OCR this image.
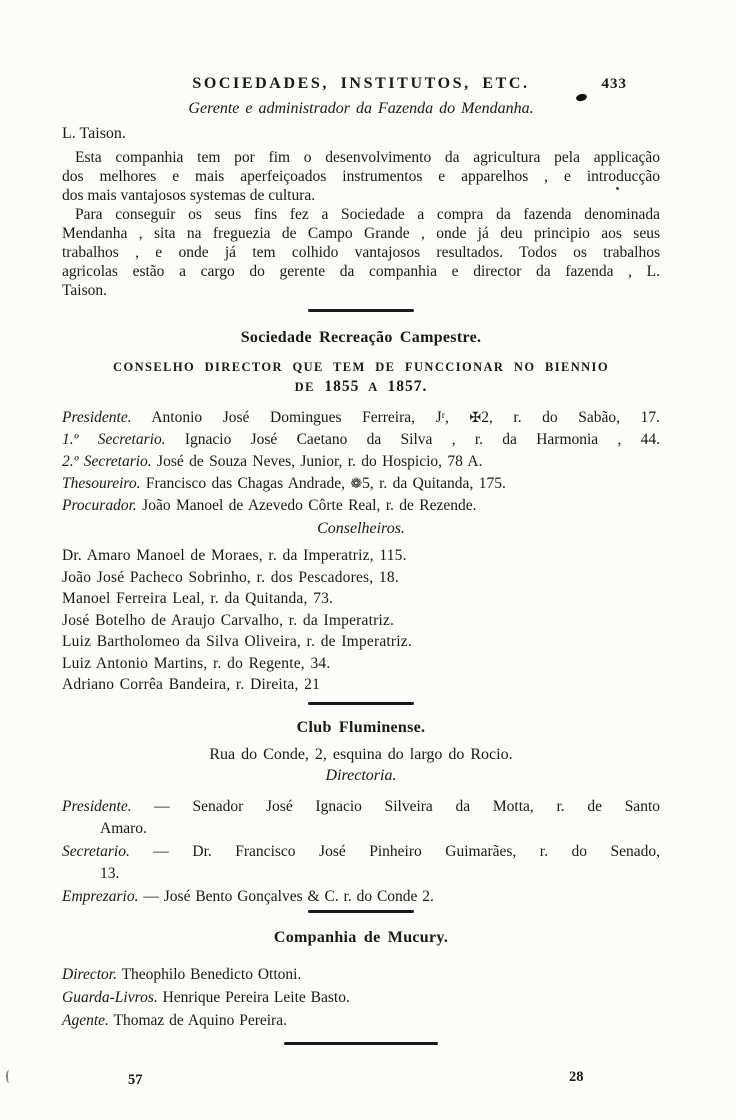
SOCIEDADES, INSTITUTOS, ETC.	433
Gerente e administrador da Fazenda do Mendanha.
L. Taison.
Esta companhia tem por fim o desenvolvimento da agricultura pela applicação
dos melhores e mais aperfeiçoados instrumentos e apparelhos , e introducção
dos mais vantajosos systemas de cultura.
Para conseguir os seus fins fez a Sociedade a compra da fazenda denominada
Mendanha , sita na freguezia de Campo Grande , onde já deu principio aos seus
trabalhos , e onde já tem colhido vantajosos resultados. Todos os trabalhos
agricolas estão a cargo do gerente da companhia e director da fazenda , L.
Taison.
Sociedade Recreação Campestre.
CONSELHO DIRECTOR QUE TEM DE FUNCCIONAR NO BIENNIO
DE 1855 A 1857.
Presidente. Antonio José Domingues Ferreira, Jʳ, ✠2, r. do Sabão, 17.
1.º Secretario. Ignacio José Caetano da Silva , r. da Harmonia , 44.
2.º Secretario. José de Souza Neves, Junior, r. do Hospicio, 78 A.
Thesoureiro. Francisco das Chagas Andrade, ❁5, r. da Quitanda, 175.
Procurador. João Manoel de Azevedo Côrte Real, r. de Rezende.
Conselheiros.
Dr. Amaro Manoel de Moraes, r. da Imperatriz, 115.
João José Pacheco Sobrinho, r. dos Pescadores, 18.
Manoel Ferreira Leal, r. da Quitanda, 73.
José Botelho de Araujo Carvalho, r. da Imperatriz.
Luiz Bartholomeo da Silva Oliveira, r. de Imperatriz.
Luiz Antonio Martins, r. do Regente, 34.
Adriano Corrêa Bandeira, r. Direita, 21
Club Fluminense.
Rua do Conde, 2, esquina do largo do Rocio.
Directoria.
Presidente. — Senador José Ignacio Silveira da Motta, r. de Santo
Amaro.
Secretario. — Dr. Francisco José Pinheiro Guimarães, r. do Senado,
13.
Emprezario. — José Bento Gonçalves & C. r. do Conde 2.
Companhia de Mucury.
Director. Theophilo Benedicto Ottoni.
Guarda-Livros. Henrique Pereira Leite Basto.
Agente. Thomaz de Aquino Pereira.
57	28
